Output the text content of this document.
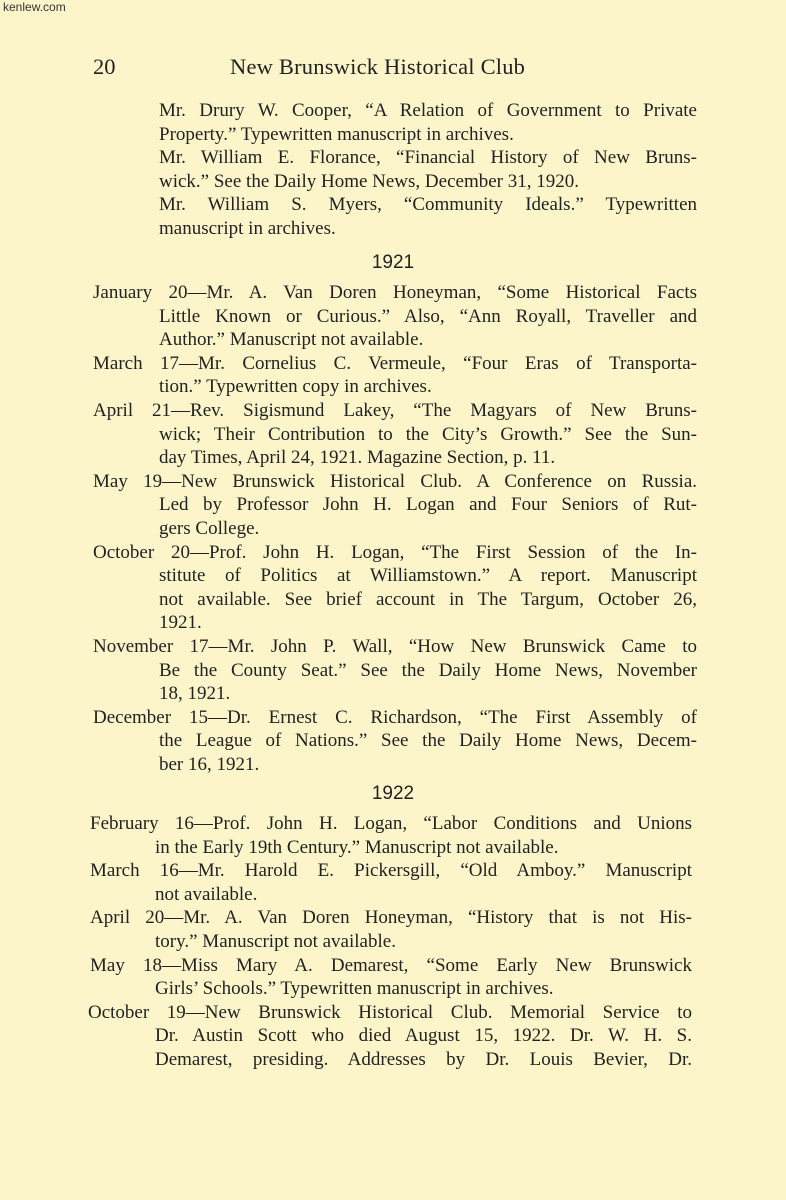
kenlew.com
20	New Brunswick Historical Club
Mr. Drury W. Cooper, “A Relation of Government to Private
Property.” Typewritten manuscript in archives.
Mr. William E. Florance, “Financial History of New Bruns-
wick.” See the Daily Home News, December 31, 1920.
Mr. William S. Myers, “Community Ideals.” Typewritten
manuscript in archives.
1921
January 20—Mr. A. Van Doren Honeyman, “Some Historical Facts
Little Known or Curious.” Also, “Ann Royall, Traveller and
Author.” Manuscript not available.
March 17—Mr. Cornelius C. Vermeule, “Four Eras of Transporta-
tion.” Typewritten copy in archives.
April 21—Rev. Sigismund Lakey, “The Magyars of New Bruns-
wick; Their Contribution to the City’s Growth.” See the Sun-
day Times, April 24, 1921. Magazine Section, p. 11.
May 19—New Brunswick Historical Club. A Conference on Russia.
Led by Professor John H. Logan and Four Seniors of Rut-
gers College.
October 20—Prof. John H. Logan, “The First Session of the In-
stitute of Politics at Williamstown.” A report. Manuscript
not available. See brief account in The Targum, October 26,
1921.
November 17—Mr. John P. Wall, “How New Brunswick Came to
Be the County Seat.” See the Daily Home News, November
18, 1921.
December 15—Dr. Ernest C. Richardson, “The First Assembly of
the League of Nations.” See the Daily Home News, Decem-
ber 16, 1921.
1922
February 16—Prof. John H. Logan, “Labor Conditions and Unions
in the Early 19th Century.” Manuscript not available.
March 16—Mr. Harold E. Pickersgill, “Old Amboy.” Manuscript
not available.
April 20—Mr. A. Van Doren Honeyman, “History that is not His-
tory.” Manuscript not available.
May 18—Miss Mary A. Demarest, “Some Early New Brunswick
Girls’ Schools.” Typewritten manuscript in archives.
October 19—New Brunswick Historical Club. Memorial Service to
Dr. Austin Scott who died August 15, 1922. Dr. W. H. S.
Demarest, presiding. Addresses by Dr. Louis Bevier, Dr.
